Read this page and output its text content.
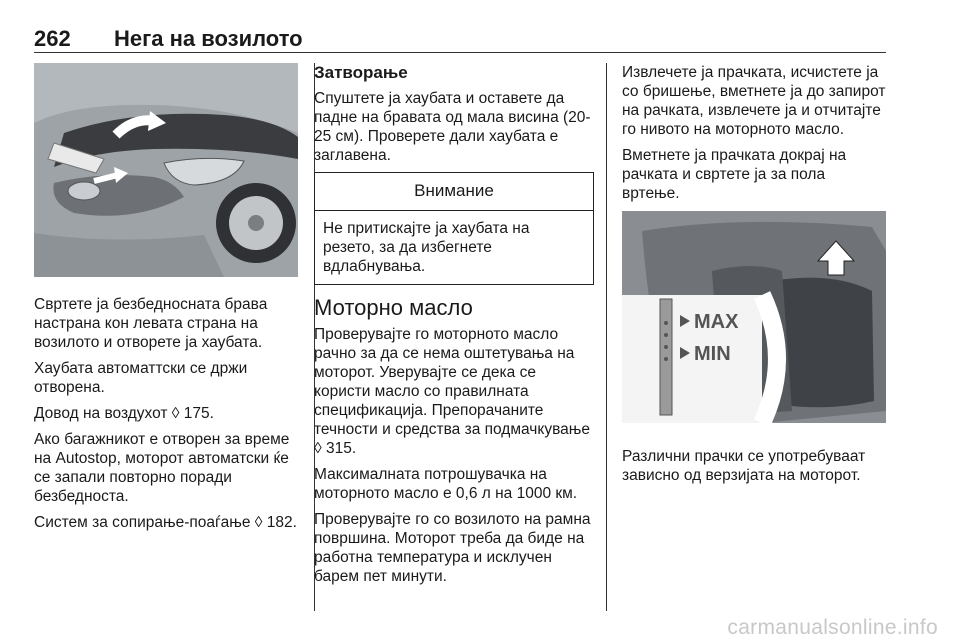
262 Нега на возилото

Свртете ја безбедносната брава настрана кон левата страна на возилото и отворете ја хаубата.

Хаубата автоматтски се држи отворена.

Довод на воздухот ◊ 175.

Ако багажникот е отворен за време на Autostop, моторот автоматски ќе се запали повторно поради безбедноста.

Систем за сопирање-поаѓање ◊ 182.

Затворање

Спуштете ја хаубата и оставете да падне на бравата од мала висина (20-25 см). Проверете дали хаубата е заглавена.

Внимание
Не притискајте ја хаубата на резето, за да избегнете вдлабнувања.
Моторно масло

Проверувајте го моторното масло рачно за да се нема оштетувања на моторот. Уверувајте се дека се користи масло со правилната спецификација. Препорачаните течности и средства за подмачкување ◊ 315.

Максималната потрошувачка на моторното масло е 0,6 л на 1000 км.

Проверувајте го со возилото на рамна површина. Моторот треба да биде на работна температура и исклучен барем пет минути.

Извлечете ја прачката, исчистете ја со бришење, вметнете ја до запирот на рачката, извлечете ја и отчитајте го нивото на моторното масло.

Вметнете ја прачката докрај на рачката и свртете ја за пола вртење.

MAX
MIN

Различни прачки се употребуваат зависно од верзијата на моторот.

carmanualsonline.info
